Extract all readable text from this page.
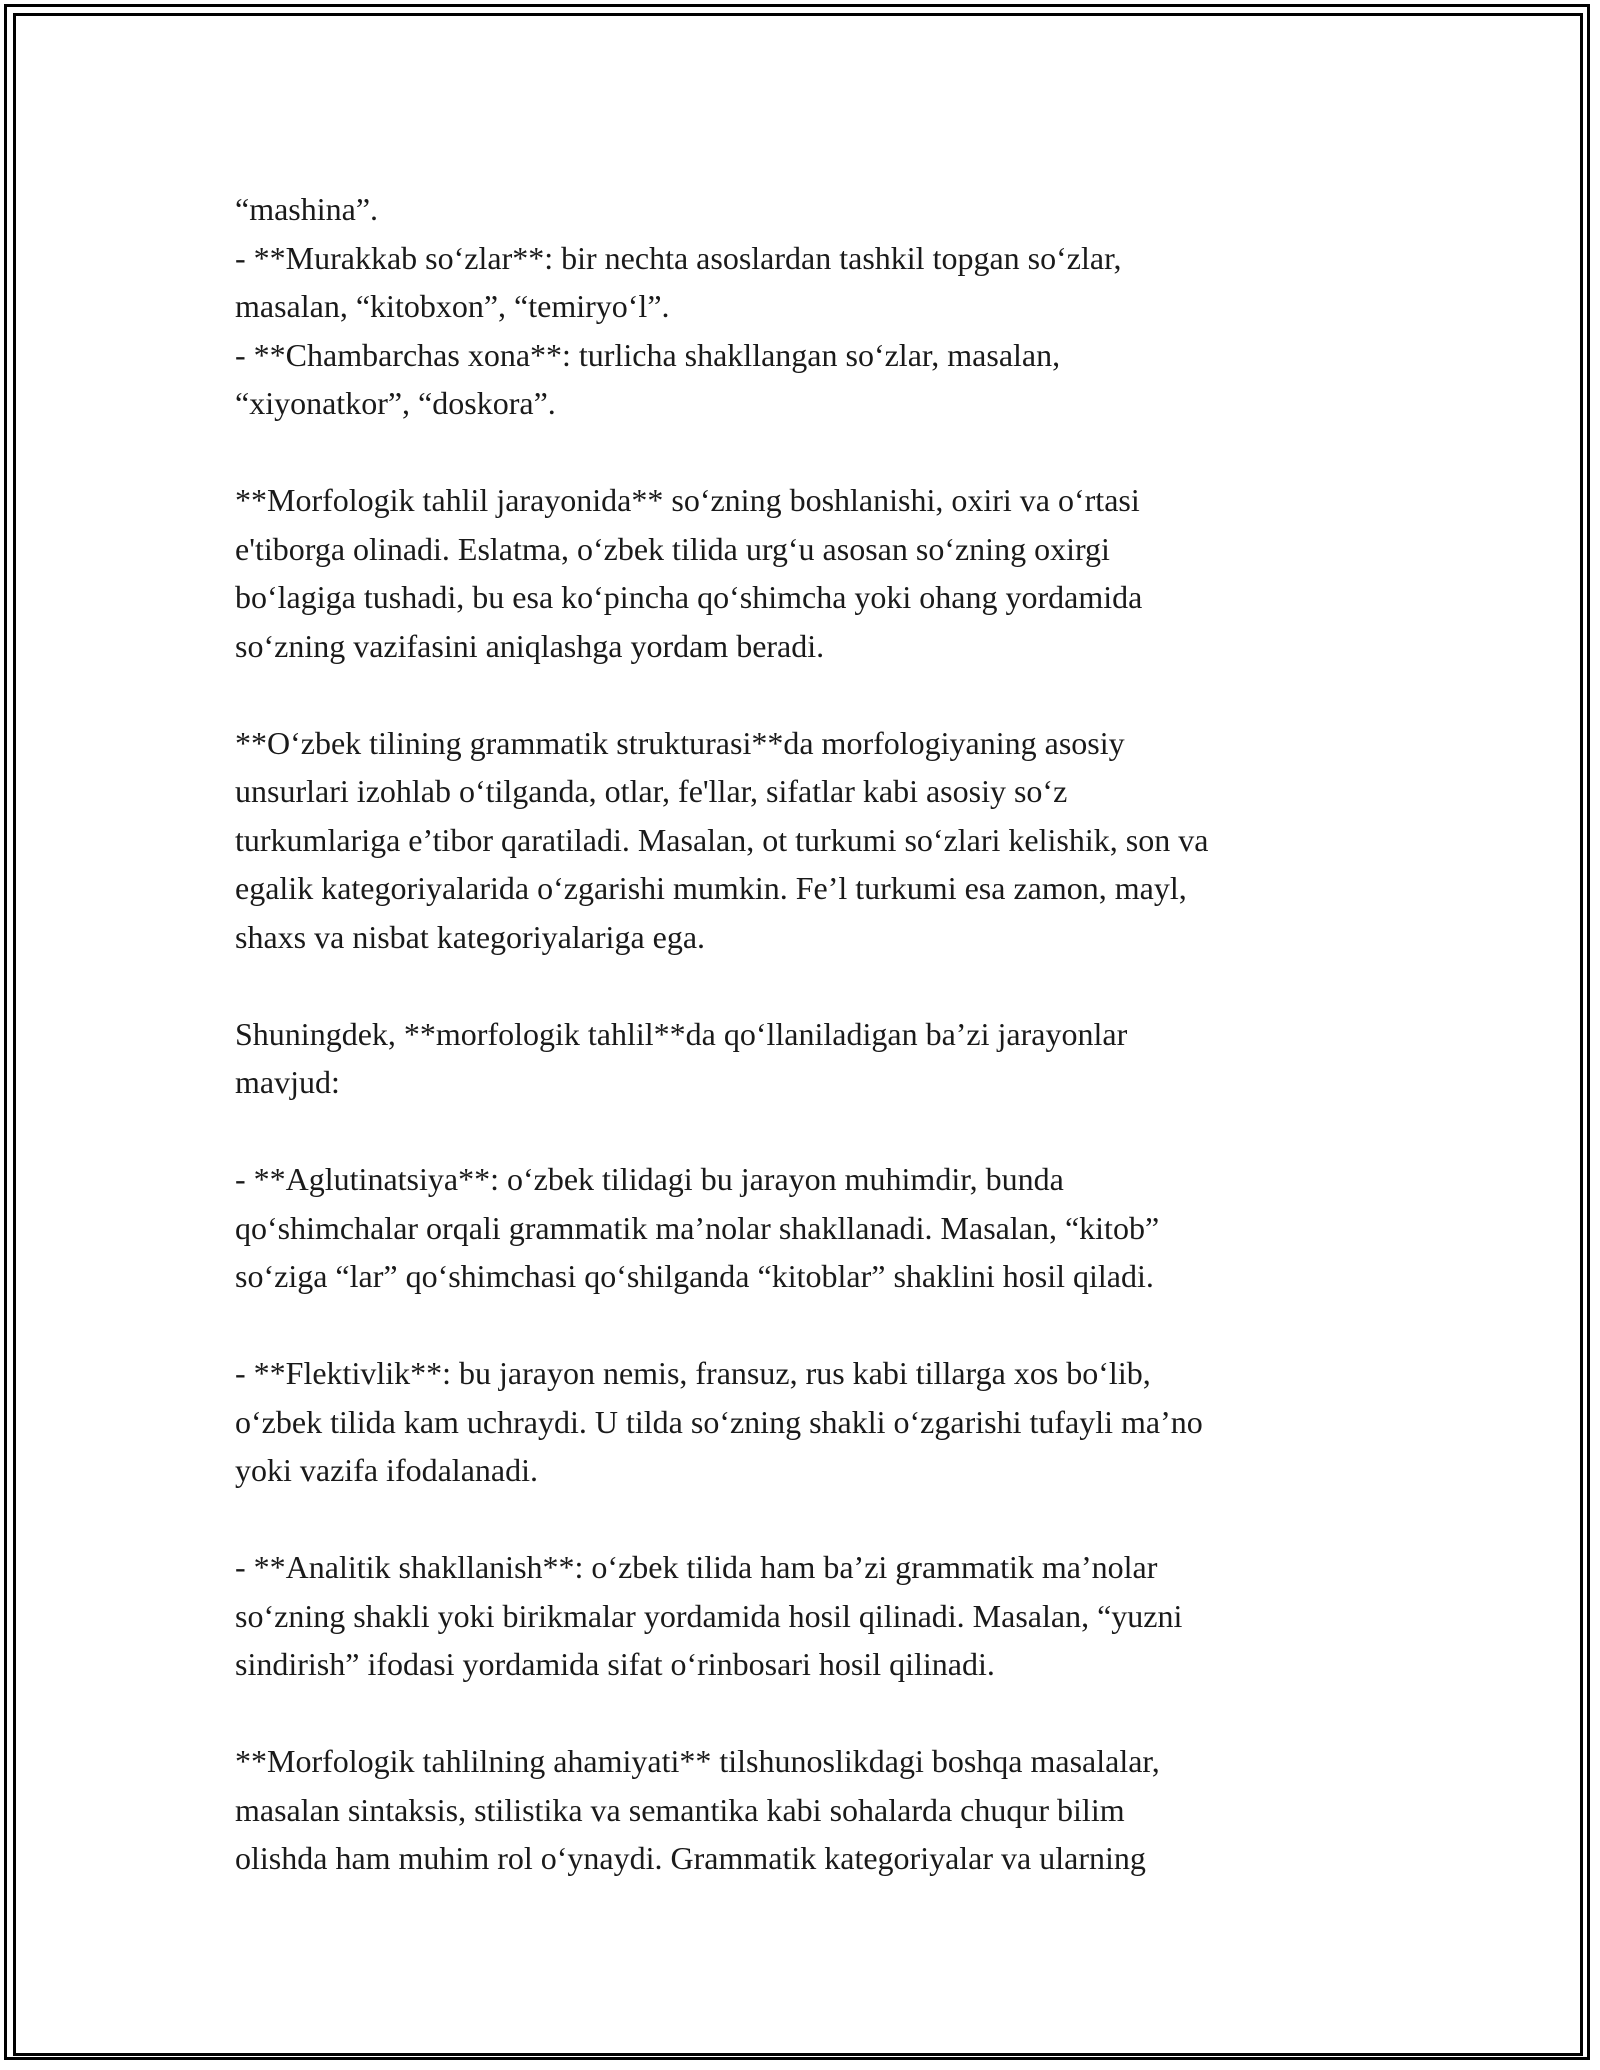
“mashina”.
- **Murakkab so‘zlar**: bir nechta asoslardan tashkil topgan so‘zlar,
masalan, “kitobxon”, “temiryo‘l”.
- **Chambarchas xona**: turlicha shakllangan so‘zlar, masalan,
“xiyonatkor”, “doskora”.
**Morfologik tahlil jarayonida** so‘zning boshlanishi, oxiri va o‘rtasi
e'tiborga olinadi. Eslatma, o‘zbek tilida urg‘u asosan so‘zning oxirgi
bo‘lagiga tushadi, bu esa ko‘pincha qo‘shimcha yoki ohang yordamida
so‘zning vazifasini aniqlashga yordam beradi.
**O‘zbek tilining grammatik strukturasi**da morfologiyaning asosiy
unsurlari izohlab o‘tilganda, otlar, fe'llar, sifatlar kabi asosiy so‘z
turkumlariga e’tibor qaratiladi. Masalan, ot turkumi so‘zlari kelishik, son va
egalik kategoriyalarida o‘zgarishi mumkin. Fe’l turkumi esa zamon, mayl,
shaxs va nisbat kategoriyalariga ega.
Shuningdek, **morfologik tahlil**da qo‘llaniladigan ba’zi jarayonlar
mavjud:
- **Aglutinatsiya**: o‘zbek tilidagi bu jarayon muhimdir, bunda
qo‘shimchalar orqali grammatik ma’nolar shakllanadi. Masalan, “kitob”
so‘ziga “lar” qo‘shimchasi qo‘shilganda “kitoblar” shaklini hosil qiladi.
- **Flektivlik**: bu jarayon nemis, fransuz, rus kabi tillarga xos bo‘lib,
o‘zbek tilida kam uchraydi. U tilda so‘zning shakli o‘zgarishi tufayli ma’no
yoki vazifa ifodalanadi.
- **Analitik shakllanish**: o‘zbek tilida ham ba’zi grammatik ma’nolar
so‘zning shakli yoki birikmalar yordamida hosil qilinadi. Masalan, “yuzni
sindirish” ifodasi yordamida sifat o‘rinbosari hosil qilinadi.
**Morfologik tahlilning ahamiyati** tilshunoslikdagi boshqa masalalar,
masalan sintaksis, stilistika va semantika kabi sohalarda chuqur bilim
olishda ham muhim rol o‘ynaydi. Grammatik kategoriyalar va ularning
